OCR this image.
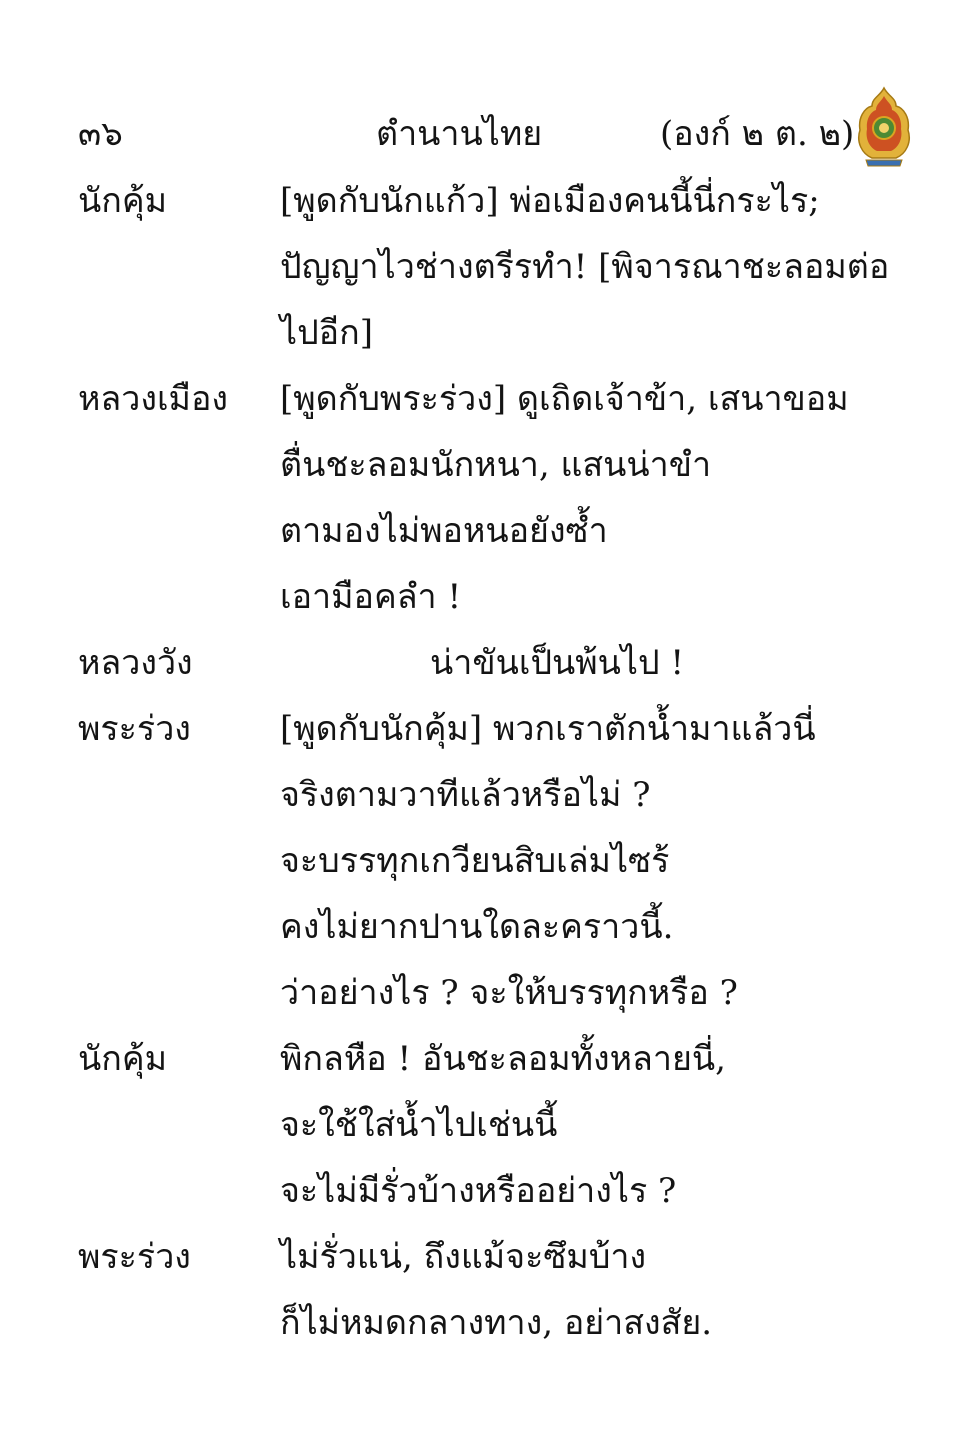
๓๖	ตำนานไทย	(องก์ ๒ ต. ๒)
นักคุ้ม	[พูดกับนักแก้ว] พ่อเมืองคนนี้นี่กระไร;
ปัญญาไวช่างตรีรทำ! [พิจารณาชะลอมต่อ
ไปอีก]
หลวงเมือง [พูดกับพระร่วง] ดูเถิดเจ้าข้า, เสนาขอม
ตื่นชะลอมนักหนา, แสนน่าขำ
ตามองไม่พอหนอยังซ้ำ
เอามือคลำ !
หลวงวัง	น่าขันเป็นพ้นไป !
พระร่วง	[พูดกับนักคุ้ม] พวกเราตักน้ำมาแล้วนี่
จริงตามวาทีแล้วหรือไม่ ?
จะบรรทุกเกวียนสิบเล่มไซร้
คงไม่ยากปานใดละคราวนี้.
ว่าอย่างไร ? จะให้บรรทุกหรือ ?
นักคุ้ม	พิกลหือ ! อันชะลอมทั้งหลายนี่,
จะใช้ใส่น้ำไปเช่นนี้
จะไม่มีรั่วบ้างหรืออย่างไร ?
พระร่วง	ไม่รั่วแน่, ถึงแม้จะซึมบ้าง
ก็ไม่หมดกลางทาง, อย่าสงสัย.
